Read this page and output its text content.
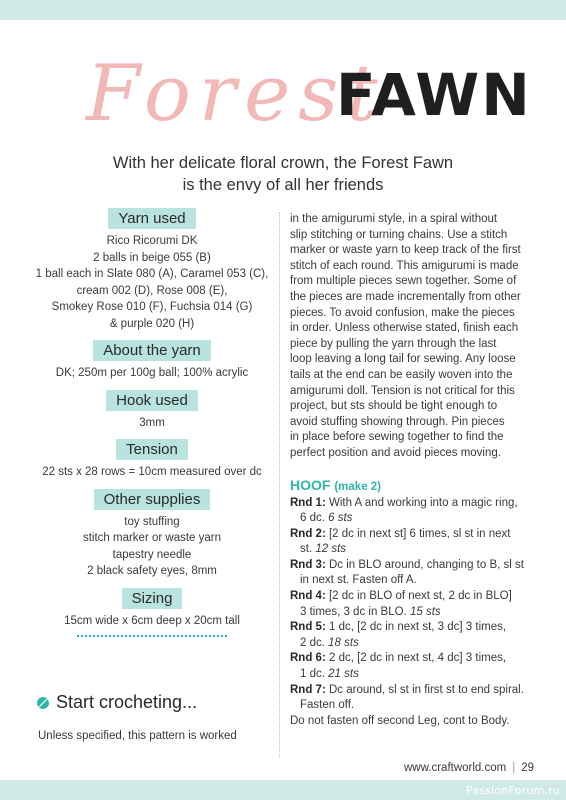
Forest
FAWN
With her delicate floral crown, the Forest Fawn
is the envy of all her friends
Yarn used
Rico Ricorumi DK
2 balls in beige 055 (B)
1 ball each in Slate 080 (A), Caramel 053 (C),
cream 002 (D), Rose 008 (E),
Smokey Rose 010 (F), Fuchsia 014 (G)
& purple 020 (H)
About the yarn
DK; 250m per 100g ball; 100% acrylic
Hook used
3mm
Tension
22 sts x 28 rows = 10cm measured over dc
Other supplies
toy stuffing
stitch marker or waste yarn
tapestry needle
2 black safety eyes, 8mm
Sizing
15cm wide x 6cm deep x 20cm tall
Start crocheting...
Unless specified, this pattern is worked
in the amigurumi style, in a spiral without
slip stitching or turning chains. Use a stitch
marker or waste yarn to keep track of the first
stitch of each round. This amigurumi is made
from multiple pieces sewn together. Some of
the pieces are made incrementally from other
pieces. To avoid confusion, make the pieces
in order. Unless otherwise stated, finish each
piece by pulling the yarn through the last
loop leaving a long tail for sewing. Any loose
tails at the end can be easily woven into the
amigurumi doll. Tension is not critical for this
project, but sts should be tight enough to
avoid stuffing showing through. Pin pieces
in place before sewing together to find the
perfect position and avoid pieces moving.
HOOF (make 2)
Rnd 1: With A and working into a magic ring,
6 dc. 6 sts
Rnd 2: [2 dc in next st] 6 times, sl st in next
st. 12 sts
Rnd 3: Dc in BLO around, changing to B, sl st
in next st. Fasten off A.
Rnd 4: [2 dc in BLO of next st, 2 dc in BLO]
3 times, 3 dc in BLO. 15 sts
Rnd 5: 1 dc, [2 dc in next st, 3 dc] 3 times,
2 dc. 18 sts
Rnd 6: 2 dc, [2 dc in next st, 4 dc] 3 times,
1 dc. 21 sts
Rnd 7: Dc around, sl st in first st to end spiral.
Fasten off.
Do not fasten off second Leg, cont to Body.
www.craftworld.com | 29
PassionForum.ru
